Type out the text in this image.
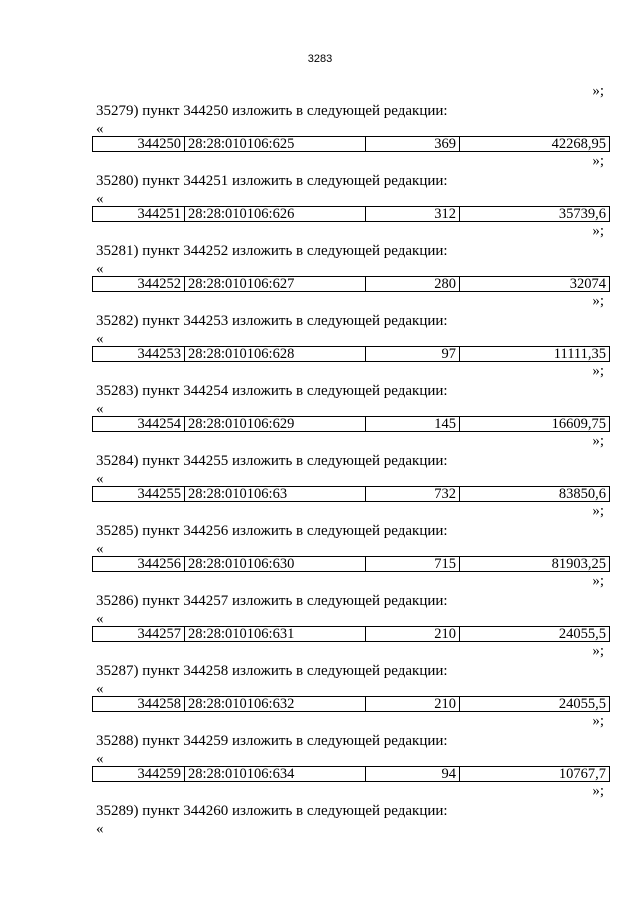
3283
»;
35279) пункт 344250 изложить в следующей редакции:
«
344250 28:28:010106:625	369	42268,95
»;
35280) пункт 344251 изложить в следующей редакции:
«
344251 28:28:010106:626	312	35739,6
»;
35281) пункт 344252 изложить в следующей редакции:
«
344252 28:28:010106:627	280	32074
»;
35282) пункт 344253 изложить в следующей редакции:
«
344253 28:28:010106:628	97	11111,35
»;
35283) пункт 344254 изложить в следующей редакции:
«
344254 28:28:010106:629	145	16609,75
»;
35284) пункт 344255 изложить в следующей редакции:
«
344255 28:28:010106:63	732	83850,6
»;
35285) пункт 344256 изложить в следующей редакции:
«
344256 28:28:010106:630	715	81903,25
»;
35286) пункт 344257 изложить в следующей редакции:
«
344257 28:28:010106:631	210	24055,5
»;
35287) пункт 344258 изложить в следующей редакции:
«
344258 28:28:010106:632	210	24055,5
»;
35288) пункт 344259 изложить в следующей редакции:
«
344259 28:28:010106:634	94	10767,7
»;
35289) пункт 344260 изложить в следующей редакции:
«
